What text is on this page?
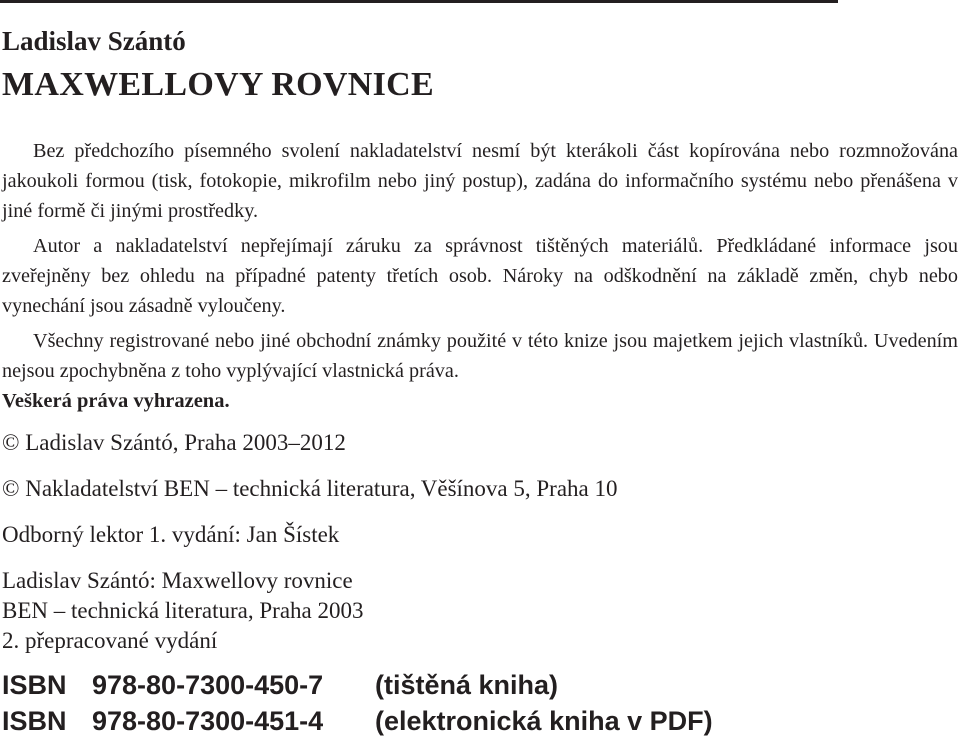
Ladislav Szántó
MAXWELLOVY ROVNICE

Bez předchozího písemného svolení nakladatelství nesmí být kterákoli část kopírována nebo rozmnožována jakoukoli formou (tisk, fotokopie, mikrofilm nebo jiný postup), zadána do informačního systému nebo přenášena v jiné formě či jinými prostředky.

Autor a nakladatelství nepřejímají záruku za správnost tištěných materiálů. Předkládané informace jsou zveřejněny bez ohledu na případné patenty třetích osob. Nároky na odškodnění na základě změn, chyb nebo vynechání jsou zásadně vyloučeny.

Všechny registrované nebo jiné obchodní známky použité v této knize jsou majetkem jejich vlastníků. Uvedením nejsou zpochybněna z toho vyplývající vlastnická práva.

Veškerá práva vyhrazena.

© Ladislav Szántó, Praha 2003–2012

© Nakladatelství BEN – technická literatura, Věšínova 5, Praha 10

Odborný lektor 1. vydání: Jan Šístek

Ladislav Szántó: Maxwellovy rovnice

BEN – technická literatura, Praha 2003

2. přepracované vydání

ISBN 978-80-7300-450-7 (tištěná kniha)

ISBN 978-80-7300-451-4 (elektronická kniha v PDF)
